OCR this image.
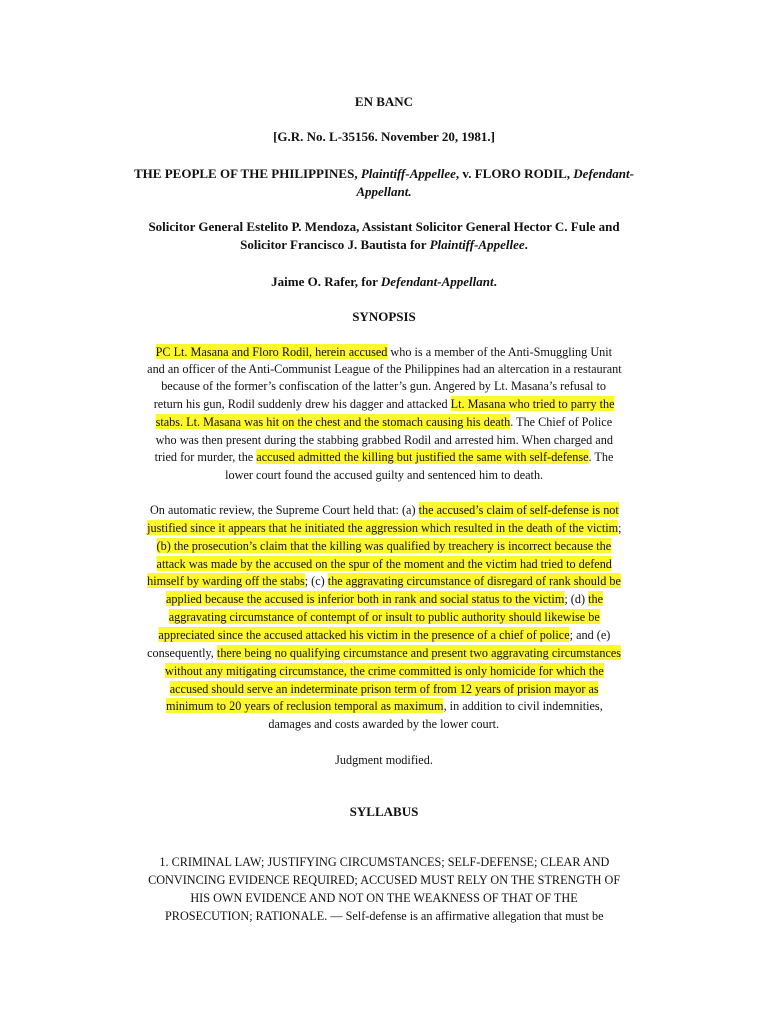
EN BANC
[G.R. No. L-35156. November 20, 1981.]
THE PEOPLE OF THE PHILIPPINES, Plaintiff-Appellee, v. FLORO RODIL, Defendant-
Appellant.
Solicitor General Estelito P. Mendoza, Assistant Solicitor General Hector C. Fule and
Solicitor Francisco J. Bautista for Plaintiff-Appellee.
Jaime O. Rafer, for Defendant-Appellant.
SYNOPSIS
PC Lt. Masana and Floro Rodil, herein accused who is a member of the Anti-Smuggling Unit
and an officer of the Anti-Communist League of the Philippines had an altercation in a restaurant
because of the former’s confiscation of the latter’s gun. Angered by Lt. Masana’s refusal to
return his gun, Rodil suddenly drew his dagger and attacked Lt. Masana who tried to parry the
stabs. Lt. Masana was hit on the chest and the stomach causing his death. The Chief of Police
who was then present during the stabbing grabbed Rodil and arrested him. When charged and
tried for murder, the accused admitted the killing but justified the same with self-defense. The
lower court found the accused guilty and sentenced him to death.
On automatic review, the Supreme Court held that: (a) the accused’s claim of self-defense is not
justified since it appears that he initiated the aggression which resulted in the death of the victim;
(b) the prosecution’s claim that the killing was qualified by treachery is incorrect because the
attack was made by the accused on the spur of the moment and the victim had tried to defend
himself by warding off the stabs; (c) the aggravating circumstance of disregard of rank should be
applied because the accused is inferior both in rank and social status to the victim; (d) the
aggravating circumstance of contempt of or insult to public authority should likewise be
appreciated since the accused attacked his victim in the presence of a chief of police; and (e)
consequently, there being no qualifying circumstance and present two aggravating circumstances
without any mitigating circumstance, the crime committed is only homicide for which the
accused should serve an indeterminate prison term of from 12 years of prision mayor as
minimum to 20 years of reclusion temporal as maximum, in addition to civil indemnities,
damages and costs awarded by the lower court.
Judgment modified.
SYLLABUS
1. CRIMINAL LAW; JUSTIFYING CIRCUMSTANCES; SELF-DEFENSE; CLEAR AND
CONVINCING EVIDENCE REQUIRED; ACCUSED MUST RELY ON THE STRENGTH OF
HIS OWN EVIDENCE AND NOT ON THE WEAKNESS OF THAT OF THE
PROSECUTION; RATIONALE. — Self-defense is an affirmative allegation that must be
